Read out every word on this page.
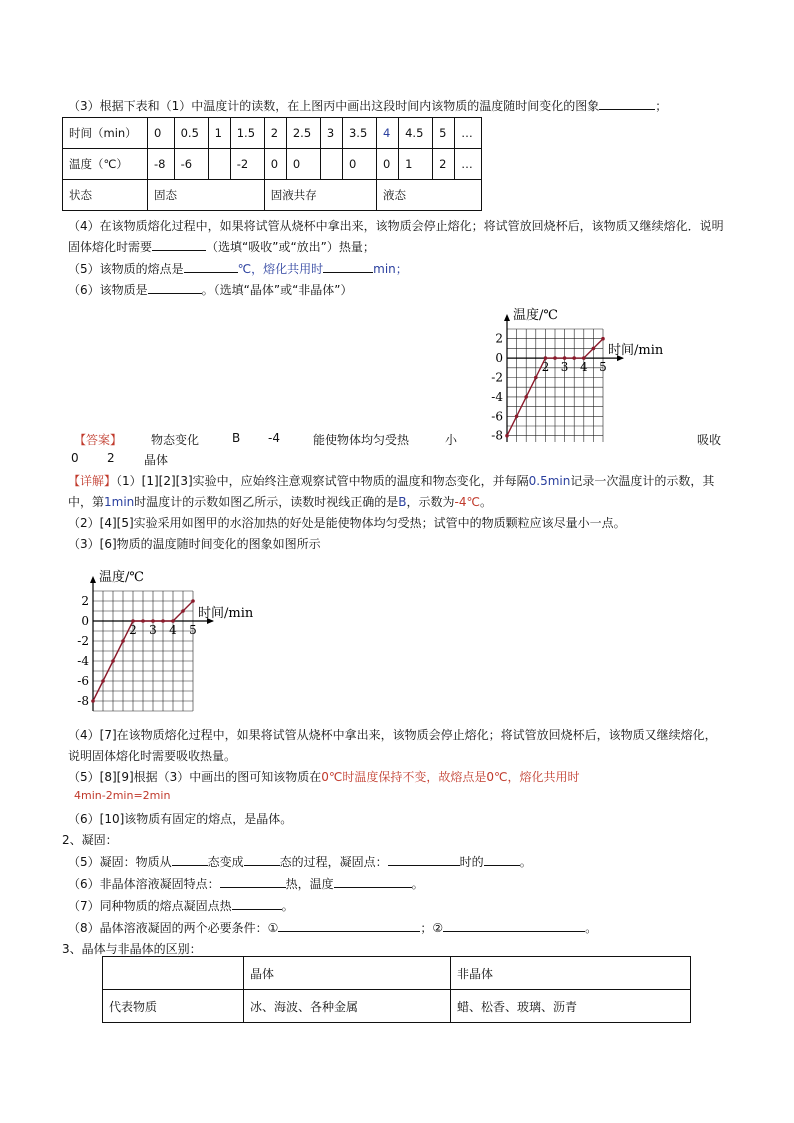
（3）根据下表和（1）中温度计的读数，在上图丙中画出这段时间内该物质的温度随时间变化的图象	；
时间（min）	0	0.5	1	1.5	2	2.5	3	3.5	4	4.5	5	…
温度（℃）	-8	-6		-2	0	0		0	0	1	2	…
状态	固态				固液共存				液态			
（4）在该物质熔化过程中，如果将试管从烧杯中拿出来，该物质会停止熔化；将试管放回烧杯后，该物质又继续熔化．说明
固体熔化时需要	（选填“吸收”或“放出”）热量；
（5）该物质的熔点是	℃，熔化共用时	min；
（6）该物质是	。（选填“晶体”或“非晶体”）
温度/℃
时间/min
2
0
-2
-4
-6
-8
2 3 4 5
【答案】 物态变化	B -4	能使物体均匀受热	小	吸收
0 2 晶体
【详解】（1）[1][2][3]实验中，应始终注意观察试管中物质的温度和物态变化，并每隔0.5min记录一次温度计的示数，其
中，第1min时温度计的示数如图乙所示，读数时视线正确的是B，示数为-4℃。
（2）[4][5]实验采用如图甲的水浴加热的好处是能使物体均匀受热；试管中的物质颗粒应该尽量小一点。
（3）[6]物质的温度随时间变化的图象如图所示
温度/℃
时间/min
2
0
-2
-4
-6
-8
2 3 4 5
（4）[7]在该物质熔化过程中，如果将试管从烧杯中拿出来，该物质会停止熔化；将试管放回烧杯后，该物质又继续熔化，
说明固体熔化时需要吸收热量。
（5）[8][9]根据（3）中画出的图可知该物质在0℃时温度保持不变，故熔点是0℃，熔化共用时
4min-2min=2min
（6）[10]该物质有固定的熔点，是晶体。
2、凝固：
（5）凝固：物质从	态变成	态的过程，凝固点：	时的	。
（6）非晶体溶液凝固特点：	热，温度	。
（7）同种物质的熔点凝固点热	。
（8）晶体溶液凝固的两个必要条件：①	；②	。
3、晶体与非晶体的区别：
	晶体	非晶体
代表物质	冰、海波、各种金属	蜡、松香、玻璃、沥青
